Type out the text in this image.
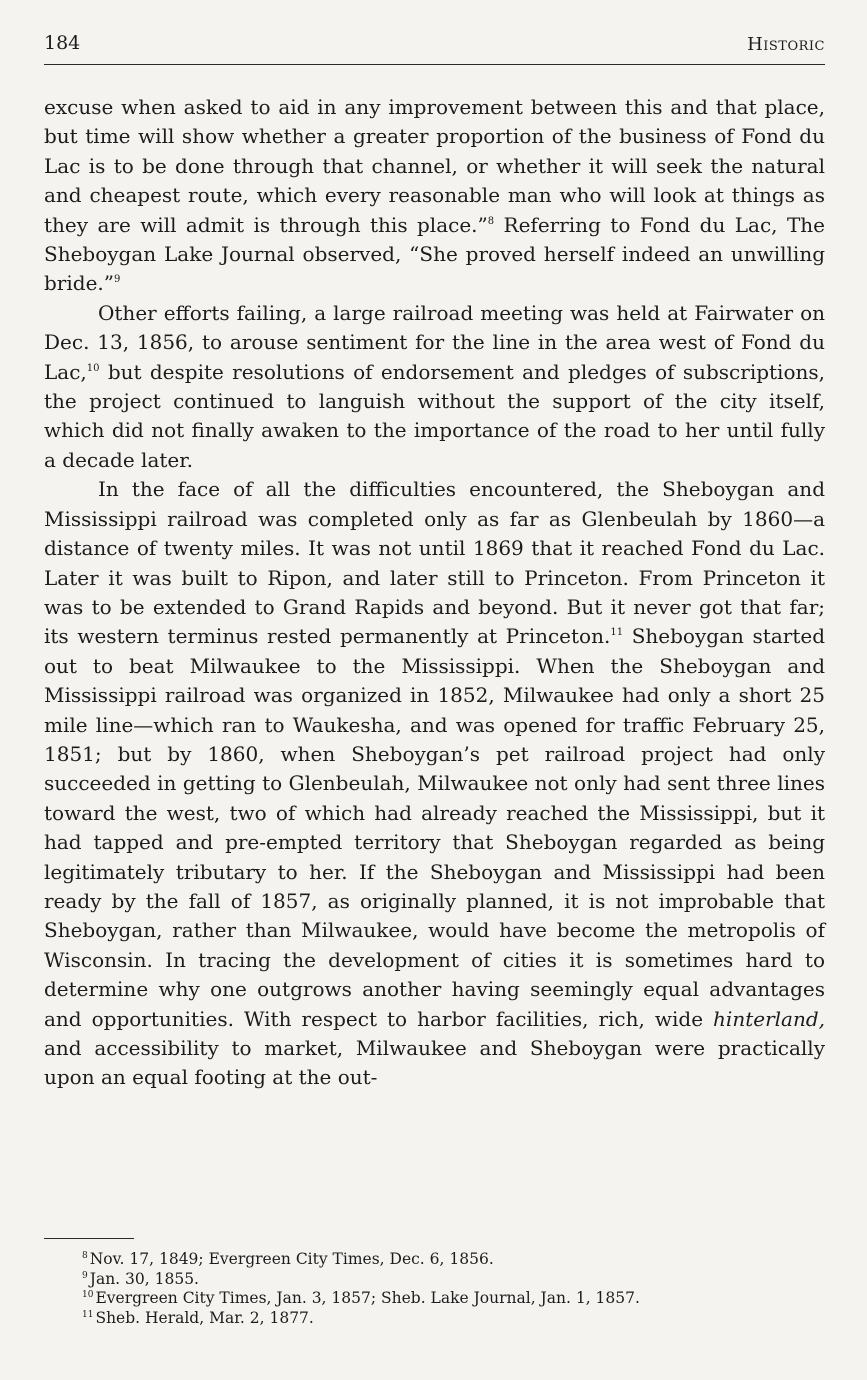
184	Historic

excuse when asked to aid in any improvement between this and that place, but time will show whether a greater proportion of the business of Fond du Lac is to be done through that channel, or whether it will seek the natural and cheapest route, which every reasonable man who will look at things as they are will admit is through this place.”$^8$ Referring to Fond du Lac, The Sheboygan Lake Journal observed, “She proved herself indeed an unwilling bride.”$^9$

Other efforts failing, a large railroad meeting was held at Fairwater on Dec. 13, 1856, to arouse sentiment for the line in the area west of Fond du Lac,$^{10}$ but despite resolutions of endorsement and pledges of subscriptions, the project continued to languish without the support of the city itself, which did not finally awaken to the importance of the road to her until fully a decade later.

In the face of all the difficulties encountered, the Sheboygan and Mississippi railroad was completed only as far as Glenbeulah by 1860—a distance of twenty miles. It was not until 1869 that it reached Fond du Lac. Later it was built to Ripon, and later still to Princeton. From Princeton it was to be extended to Grand Rapids and beyond. But it never got that far; its western terminus rested permanently at Princeton.$^{11}$ Sheboygan started out to beat Milwaukee to the Mississippi. When the Sheboygan and Mississippi railroad was organized in 1852, Milwaukee had only a short 25 mile line—which ran to Waukesha, and was opened for traffic February 25, 1851; but by 1860, when Sheboygan’s pet railroad project had only succeeded in getting to Glenbeulah, Milwaukee not only had sent three lines toward the west, two of which had already reached the Mississippi, but it had tapped and pre-empted territory that Sheboygan regarded as being legitimately tributary to her. If the Sheboygan and Mississippi had been ready by the fall of 1857, as originally planned, it is not improbable that Sheboygan, rather than Milwaukee, would have become the metropolis of Wisconsin. In tracing the development of cities it is sometimes hard to determine why one outgrows another having seemingly equal advantages and opportunities. With respect to harbor facilities, rich, wide hinterland, and accessibility to market, Milwaukee and Sheboygan were practically upon an equal footing at the out-

$^8$ Nov. 17, 1849; Evergreen City Times, Dec. 6, 1856.
$^9$ Jan. 30, 1855.
$^{10}$ Evergreen City Times, Jan. 3, 1857; Sheb. Lake Journal, Jan. 1, 1857.
$^{11}$ Sheb. Herald, Mar. 2, 1877.
